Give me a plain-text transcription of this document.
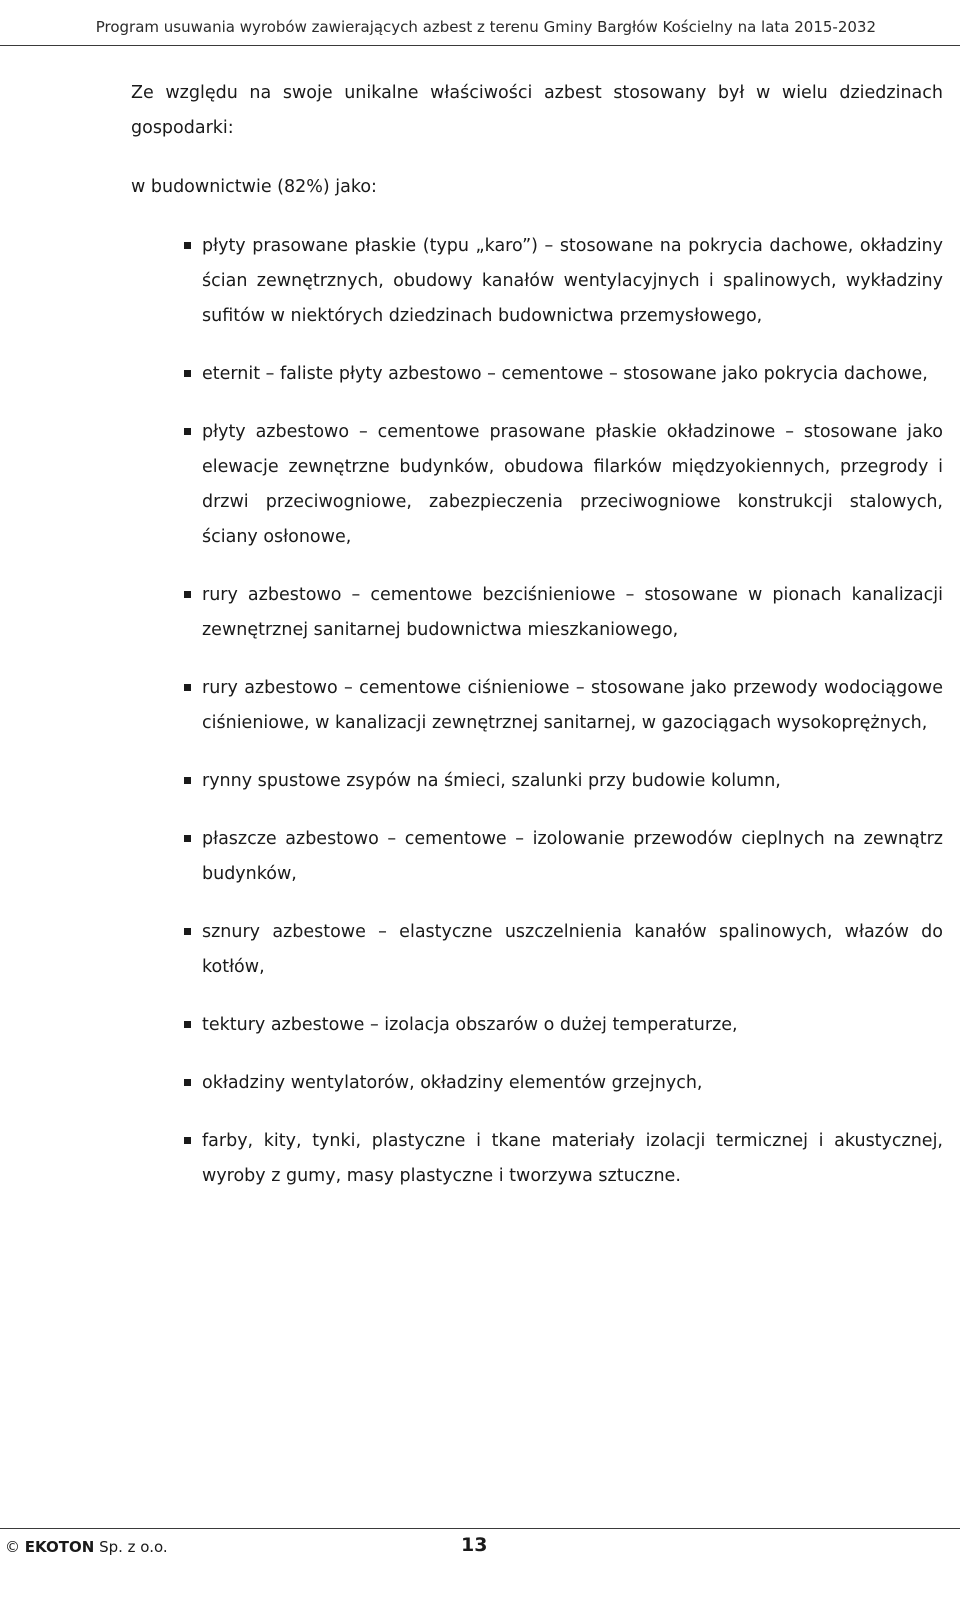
Program usuwania wyrobów zawierających azbest z terenu Gminy Bargłów Kościelny na lata 2015-2032

Ze względu na swoje unikalne właściwości azbest stosowany był w wielu dziedzinach gospodarki:

w budownictwie (82%) jako:

płyty prasowane płaskie (typu „karo”) – stosowane na pokrycia dachowe, okładziny ścian zewnętrznych, obudowy kanałów wentylacyjnych i spalinowych, wykładziny sufitów w niektórych dziedzinach budownictwa przemysłowego,
eternit – faliste płyty azbestowo – cementowe – stosowane jako pokrycia dachowe,
płyty azbestowo – cementowe prasowane płaskie okładzinowe – stosowane jako elewacje zewnętrzne budynków, obudowa filarków międzyokiennych, przegrody i drzwi przeciwogniowe, zabezpieczenia przeciwogniowe konstrukcji stalowych, ściany osłonowe,
rury azbestowo – cementowe bezciśnieniowe – stosowane w pionach kanalizacji zewnętrznej sanitarnej budownictwa mieszkaniowego,
rury azbestowo – cementowe ciśnieniowe – stosowane jako przewody wodociągowe ciśnieniowe, w kanalizacji zewnętrznej sanitarnej, w gazociągach wysokoprężnych,
rynny spustowe zsypów na śmieci, szalunki przy budowie kolumn,
płaszcze azbestowo – cementowe – izolowanie przewodów cieplnych na zewnątrz budynków,
sznury azbestowe – elastyczne uszczelnienia kanałów spalinowych, włazów do kotłów,
tektury azbestowe – izolacja obszarów o dużej temperaturze,
okładziny wentylatorów, okładziny elementów grzejnych,
farby, kity, tynki, plastyczne i tkane materiały izolacji termicznej i akustycznej, wyroby z gumy, masy plastyczne i tworzywa sztuczne.
© EKOTON Sp. z o.o.	13
